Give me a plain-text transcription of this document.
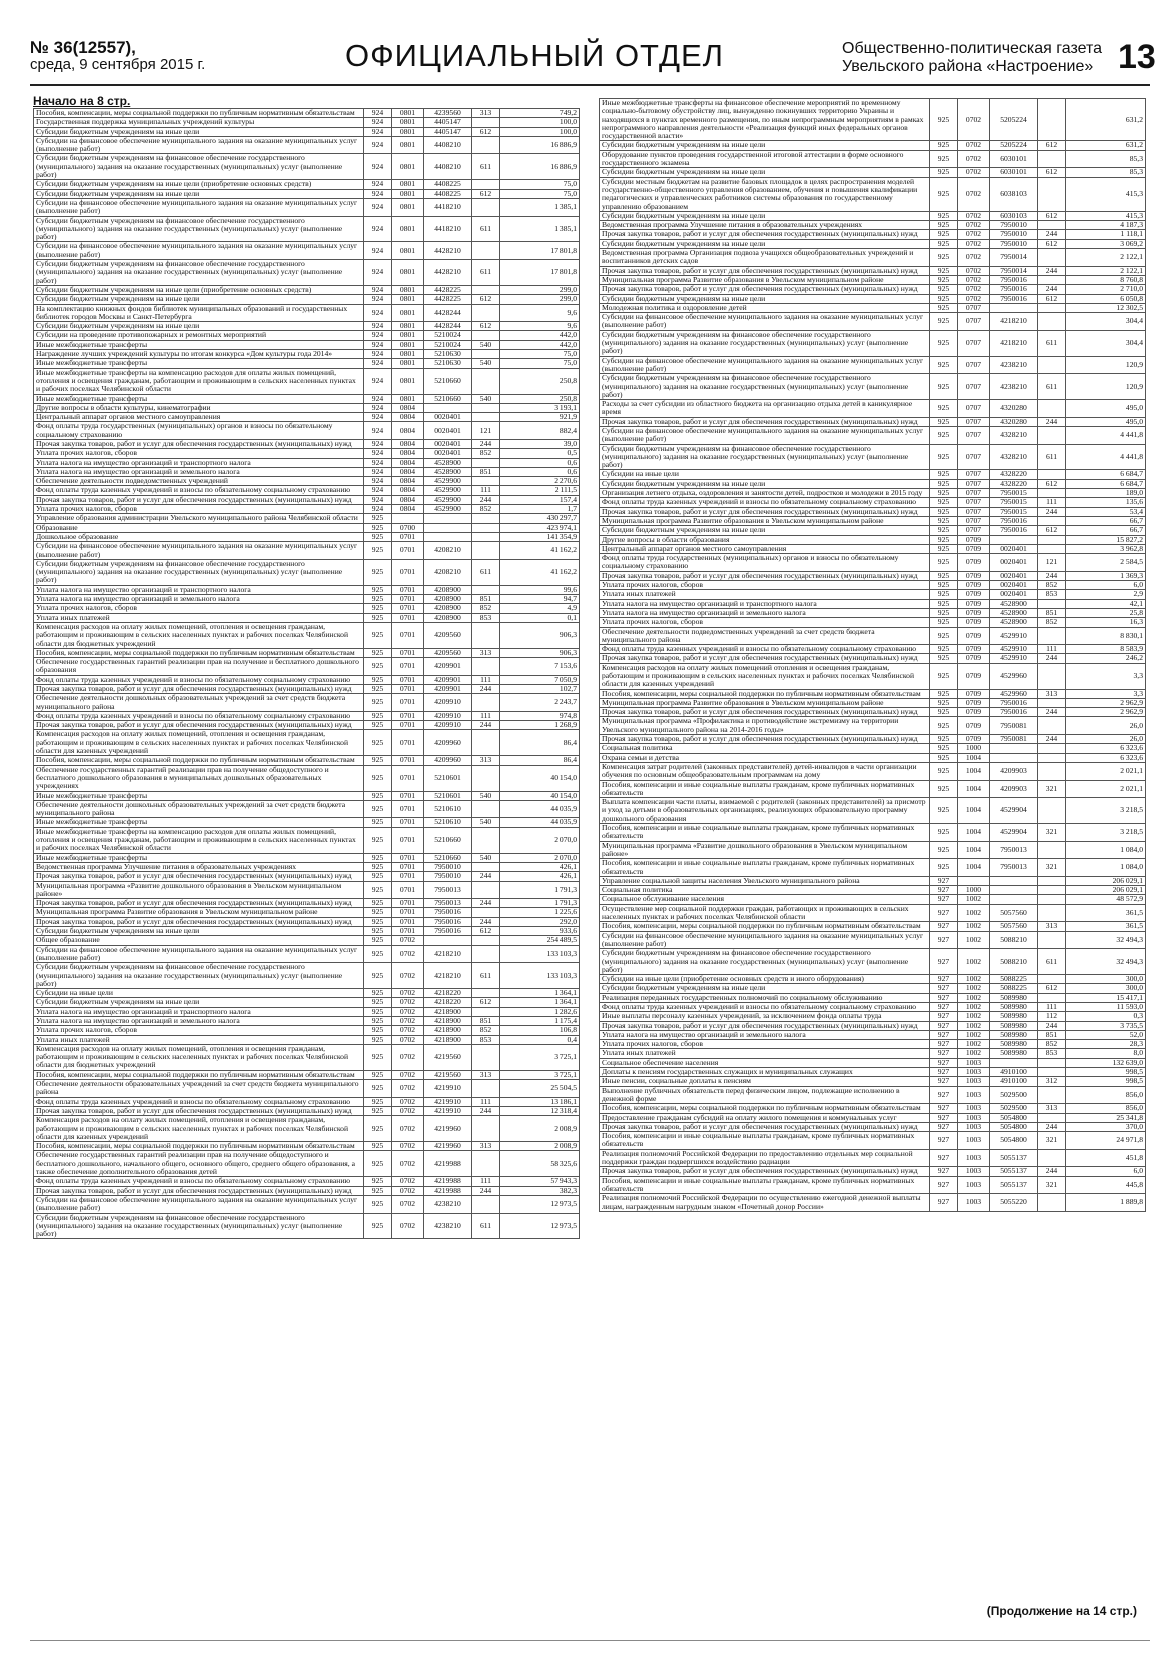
№ 36(12557),
среда, 9 сентября 2015 г.	ОФИЦИАЛЬНЫЙ ОТДЕЛ	Общественно-политическая газета
Увельского района «Настроение» 13
Начало на 8 стр.
Пособия, компенсации, меры социальной поддержки по публичным нормативным обязательствам	924	0801	4239560	313	749,2
Государственная поддержка муниципальных учреждений культуры	924	0801	4405147		100,0
Субсидии бюджетным учреждениям на иные цели	924	0801	4405147	612	100,0
Субсидии на финансовое обеспечение муниципального задания на оказание муниципальных услуг (выполнение работ)	924	0801	4408210		16 886,9
Субсидии бюджетным учреждениям на финансовое обеспечение государственного (муниципального) задания на оказание государственных (муниципальных) услуг (выполнение работ)	924	0801	4408210	611	16 886,9
Субсидии бюджетным учреждениям на иные цели (приобретение основных средств)	924	0801	4408225		75,0
Субсидии бюджетным учреждениям на иные цели	924	0801	4408225	612	75,0
Субсидии на финансовое обеспечение муниципального задания на оказание муниципальных услуг (выполнение работ)	924	0801	4418210		1 385,1
Субсидии бюджетным учреждениям на финансовое обеспечение государственного (муниципального) задания на оказание государственных (муниципальных) услуг (выполнение работ)	924	0801	4418210	611	1 385,1
Субсидии на финансовое обеспечение муниципального задания на оказание муниципальных услуг (выполнение работ)	924	0801	4428210		17 801,8
Субсидии бюджетным учреждениям на финансовое обеспечение государственного (муниципального) задания на оказание государственных (муниципальных) услуг (выполнение работ)	924	0801	4428210	611	17 801,8
Субсидии бюджетным учреждениям на иные цели (приобретение основных средств)	924	0801	4428225		299,0
Субсидии бюджетным учреждениям на иные цели	924	0801	4428225	612	299,0
На комплектацию книжных фондов библиотек муниципальных образований и государственных библиотек городов Москвы и Санкт-Петербурга	924	0801	4428244		9,6
Субсидии бюджетным учреждениям на иные цели	924	0801	4428244	612	9,6
Субсидии на проведение противопожарных и ремонтных мероприятий	924	0801	5210024		442,0
Иные межбюджетные трансферты	924	0801	5210024	540	442,0
Награждение лучших учреждений культуры по итогам конкурса «Дом культуры года 2014»	924	0801	5210630		75,0
Иные межбюджетные трансферты	924	0801	5210630	540	75,0
Иные межбюджетные трансферты на компенсацию расходов для оплаты жилых помещений, отопления и освещения гражданам, работающим и проживающим в сельских населенных пунктах и рабочих поселках Челябинской области	924	0801	5210660		250,8
Иные межбюджетные трансферты	924	0801	5210660	540	250,8
Другие вопросы в области культуры, кинематографии	924	0804			3 193,1
Центральный аппарат органов местного самоуправления	924	0804	0020401		921,9
Фонд оплаты труда государственных (муниципальных) органов и взносы по обязательному социальному страхованию	924	0804	0020401	121	882,4
Прочая закупка товаров, работ и услуг для обеспечения государственных (муниципальных) нужд	924	0804	0020401	244	39,0
Уплата прочих налогов, сборов	924	0804	0020401	852	0,5
Уплата налога на имущество организаций и транспортного налога	924	0804	4528900		0,6
Уплата налога на имущество организаций и земельного налога	924	0804	4528900	851	0,6
Обеспечение деятельности подведомственных учреждений	924	0804	4529900		2 270,6
Фонд оплаты труда казенных учреждений и взносы по обязательному социальному страхованию	924	0804	4529900	111	2 111,5
Прочая закупка товаров, работ и услуг для обеспечения государственных (муниципальных) нужд	924	0804	4529900	244	157,4
Уплата прочих налогов, сборов	924	0804	4529900	852	1,7
Управление образования администрации Увельского муниципального района Челябинской области	925				430 297,7
Образование	925	0700			423 974,1
Дошкольное образование	925	0701			141 354,9
Субсидии на финансовое обеспечение муниципального задания на оказание муниципальных услуг (выполнение работ)	925	0701	4208210		41 162,2
Субсидии бюджетным учреждениям на финансовое обеспечение государственного (муниципального) задания на оказание государственных (муниципальных) услуг (выполнение работ)	925	0701	4208210	611	41 162,2
Уплата налога на имущество организаций и транспортного налога	925	0701	4208900		99,6
Уплата налога на имущество организаций и земельного налога	925	0701	4208900	851	94,7
Уплата прочих налогов, сборов	925	0701	4208900	852	4,9
Уплата иных платежей	925	0701	4208900	853	0,1
Компенсация расходов на оплату жилых помещений, отопления и освещения гражданам, работающим и проживающим в сельских населенных пунктах и рабочих поселках Челябинской области для бюджетных учреждений	925	0701	4209560		906,3
Пособия, компенсации, меры социальной поддержки по публичным нормативным обязательствам	925	0701	4209560	313	906,3
Обеспечение государственных гарантий реализации прав на получение и бесплатного дошкольного образования	925	0701	4209901		7 153,6
Фонд оплаты труда казенных учреждений и взносы по обязательному социальному страхованию	925	0701	4209901	111	7 050,9
Прочая закупка товаров, работ и услуг для обеспечения государственных (муниципальных) нужд	925	0701	4209901	244	102,7
Обеспечение деятельности дошкольных образовательных учреждений за счет средств бюджета муниципального района	925	0701	4209910		2 243,7
Фонд оплаты труда казенных учреждений и взносы по обязательному социальному страхованию	925	0701	4209910	111	974,8
Прочая закупка товаров, работ и услуг для обеспечения государственных (муниципальных) нужд	925	0701	4209910	244	1 268,9
Компенсация расходов на оплату жилых помещений, отопления и освещения гражданам, работающим и проживающим в сельских населенных пунктах и рабочих поселках Челябинской области для казенных учреждений	925	0701	4209960		86,4
Пособия, компенсации, меры социальной поддержки по публичным нормативным обязательствам	925	0701	4209960	313	86,4
Обеспечение государственных гарантий реализации прав на получение общедоступного и бесплатного дошкольного образования в муниципальных дошкольных образовательных учреждениях	925	0701	5210601		40 154,0
Иные межбюджетные трансферты	925	0701	5210601	540	40 154,0
Обеспечение деятельности дошкольных образовательных учреждений за счет средств бюджета муниципального района	925	0701	5210610		44 035,9
Иные межбюджетные трансферты	925	0701	5210610	540	44 035,9
Иные межбюджетные трансферты на компенсацию расходов для оплаты жилых помещений, отопления и освещения гражданам, работающим и проживающим в сельских населенных пунктах и рабочих поселках Челябинской области	925	0701	5210660		2 070,0
Иные межбюджетные трансферты	925	0701	5210660	540	2 070,0
Ведомственная программа Улучшение питания в образовательных учреждениях	925	0701	7950010		426,1
Прочая закупка товаров, работ и услуг для обеспечения государственных (муниципальных) нужд	925	0701	7950010	244	426,1
Муниципальная программа «Развитие дошкольного образования в Увельском муниципальном районе»	925	0701	7950013		1 791,3
Прочая закупка товаров, работ и услуг для обеспечения государственных (муниципальных) нужд	925	0701	7950013	244	1 791,3
Муниципальная программа Развитие образования в Увельском муниципальном районе	925	0701	7950016		1 225,6
Прочая закупка товаров, работ и услуг для обеспечения государственных (муниципальных) нужд	925	0701	7950016	244	292,0
Субсидии бюджетным учреждениям на иные цели	925	0701	7950016	612	933,6
Общее образование	925	0702			254 489,5
Субсидии на финансовое обеспечение муниципального задания на оказание муниципальных услуг (выполнение работ)	925	0702	4218210		133 103,3
Субсидии бюджетным учреждениям на финансовое обеспечение государственного (муниципального) задания на оказание государственных (муниципальных) услуг (выполнение работ)	925	0702	4218210	611	133 103,3
Субсидии на иные цели	925	0702	4218220		1 364,1
Субсидии бюджетным учреждениям на иные цели	925	0702	4218220	612	1 364,1
Уплата налога на имущество организаций и транспортного налога	925	0702	4218900		1 282,6
Уплата налога на имущество организаций и земельного налога	925	0702	4218900	851	1 175,4
Уплата прочих налогов, сборов	925	0702	4218900	852	106,8
Уплата иных платежей	925	0702	4218900	853	0,4
Компенсация расходов на оплату жилых помещений, отопления и освещения гражданам, работающим и проживающим в сельских населенных пунктах и рабочих поселках Челябинской области для бюджетных учреждений	925	0702	4219560		3 725,1
Пособия, компенсации, меры социальной поддержки по публичным нормативным обязательствам	925	0702	4219560	313	3 725,1
Обеспечение деятельности образовательных учреждений за счет средств бюджета муниципального района	925	0702	4219910		25 504,5
Фонд оплаты труда казенных учреждений и взносы по обязательному социальному страхованию	925	0702	4219910	111	13 186,1
Прочая закупка товаров, работ и услуг для обеспечения государственных (муниципальных) нужд	925	0702	4219910	244	12 318,4
Компенсация расходов на оплату жилых помещений, отопления и освещения гражданам, работающим и проживающим в сельских населенных пунктах и рабочих поселках Челябинской области для казенных учреждений	925	0702	4219960		2 008,9
Пособия, компенсации, меры социальной поддержки по публичным нормативным обязательствам	925	0702	4219960	313	2 008,9
Обеспечение государственных гарантий реализации прав на получение общедоступного и бесплатного дошкольного, начального общего, основного общего, среднего общего образования, а также обеспечение дополнительного образования детей	925	0702	4219988		58 325,6
Фонд оплаты труда казенных учреждений и взносы по обязательному социальному страхованию	925	0702	4219988	111	57 943,3
Прочая закупка товаров, работ и услуг для обеспечения государственных (муниципальных) нужд	925	0702	4219988	244	382,3
Субсидии на финансовое обеспечение муниципального задания на оказание муниципальных услуг (выполнение работ)	925	0702	4238210		12 973,5
Субсидии бюджетным учреждениям на финансовое обеспечение государственного (муниципального) задания на оказание государственных (муниципальных) услуг (выполнение работ)	925	0702	4238210	611	12 973,5
Иные межбюджетные трансферты на финансовое обеспечение мероприятий по временному социально-бытовому обустройству лиц, вынужденно покинувших территорию Украины и находящихся в пунктах временного размещения, по иным непрограммным мероприятиям в рамках непрограммного направления деятельности «Реализация функций иных федеральных органов государственной власти»	925	0702	5205224		631,2
Субсидии бюджетным учреждениям на иные цели	925	0702	5205224	612	631,2
Оборудование пунктов проведения государственной итоговой аттестации в форме основного государственного экзамена	925	0702	6030101		85,3
Субсидии бюджетным учреждениям на иные цели	925	0702	6030101	612	85,3
Субсидии местным бюджетам на развитие базовых площадок в целях распространения моделей государственно-общественного управления образованием, обучения и повышения квалификации педагогических и управленческих работников системы образования по государственному управлению образованием	925	0702	6038103		415,3
Субсидии бюджетным учреждениям на иные цели	925	0702	6030103	612	415,3
Ведомственная программа Улучшение питания в образовательных учреждениях	925	0702	7950010		4 187,3
Прочая закупка товаров, работ и услуг для обеспечения государственных (муниципальных) нужд	925	0702	7950010	244	1 118,1
Субсидии бюджетным учреждениям на иные цели	925	0702	7950010	612	3 069,2
Ведомственная программа Организация подвоза учащихся общеобразовательных учреждений и воспитанников детских садов	925	0702	7950014		2 122,1
Прочая закупка товаров, работ и услуг для обеспечения государственных (муниципальных) нужд	925	0702	7950014	244	2 122,1
Муниципальная программа Развитие образования в Увельском муниципальном районе	925	0702	7950016		8 760,8
Прочая закупка товаров, работ и услуг для обеспечения государственных (муниципальных) нужд	925	0702	7950016	244	2 710,0
Субсидии бюджетным учреждениям на иные цели	925	0702	7950016	612	6 050,8
Молодежная политика и оздоровление детей	925	0707			12 302,5
Субсидии на финансовое обеспечение муниципального задания на оказание муниципальных услуг (выполнение работ)	925	0707	4218210		304,4
Субсидии бюджетным учреждениям на финансовое обеспечение государственного (муниципального) задания на оказание государственных (муниципальных) услуг (выполнение работ)	925	0707	4218210	611	304,4
Субсидии на финансовое обеспечение муниципального задания на оказание муниципальных услуг (выполнение работ)	925	0707	4238210		120,9
Субсидии бюджетным учреждениям на финансовое обеспечение государственного (муниципального) задания на оказание государственных (муниципальных) услуг (выполнение работ)	925	0707	4238210	611	120,9
Расходы за счет субсидии из областного бюджета на организацию отдыха детей в каникулярное время	925	0707	4320280		495,0
Прочая закупка товаров, работ и услуг для обеспечения государственных (муниципальных) нужд	925	0707	4320280	244	495,0
Субсидии на финансовое обеспечение муниципального задания на оказание муниципальных услуг (выполнение работ)	925	0707	4328210		4 441,8
Субсидии бюджетным учреждениям на финансовое обеспечение государственного (муниципального) задания на оказание государственных (муниципальных) услуг (выполнение работ)	925	0707	4328210	611	4 441,8
Субсидии на иные цели	925	0707	4328220		6 684,7
Субсидии бюджетным учреждениям на иные цели	925	0707	4328220	612	6 684,7
Организация летнего отдыха, оздоровления и занятости детей, подростков и молодежи в 2015 году	925	0707	7950015		189,0
Фонд оплаты труда казенных учреждений и взносы по обязательному социальному страхованию	925	0707	7950015	111	135,6
Прочая закупка товаров, работ и услуг для обеспечения государственных (муниципальных) нужд	925	0707	7950015	244	53,4
Муниципальная программа Развитие образования в Увельском муниципальном районе	925	0707	7950016		66,7
Субсидии бюджетным учреждениям на иные цели	925	0707	7950016	612	66,7
Другие вопросы в области образования	925	0709			15 827,2
Центральный аппарат органов местного самоуправления	925	0709	0020401		3 962,8
Фонд оплаты труда государственных (муниципальных) органов и взносы по обязательному социальному страхованию	925	0709	0020401	121	2 584,5
Прочая закупка товаров, работ и услуг для обеспечения государственных (муниципальных) нужд	925	0709	0020401	244	1 369,3
Уплата прочих налогов, сборов	925	0709	0020401	852	6,0
Уплата иных платежей	925	0709	0020401	853	2,9
Уплата налога на имущество организаций и транспортного налога	925	0709	4528900		42,1
Уплата налога на имущество организаций и земельного налога	925	0709	4528900	851	25,8
Уплата прочих налогов, сборов	925	0709	4528900	852	16,3
Обеспечение деятельности подведомственных учреждений за счет средств бюджета муниципального района	925	0709	4529910		8 830,1
Фонд оплаты труда казенных учреждений и взносы по обязательному социальному страхованию	925	0709	4529910	111	8 583,9
Прочая закупка товаров, работ и услуг для обеспечения государственных (муниципальных) нужд	925	0709	4529910	244	246,2
Компенсация расходов на оплату жилых помещений отопления и освещения гражданам, работающим и проживающим в сельских населенных пунктах и рабочих поселках Челябинской области для казенных учреждений	925	0709	4529960		3,3
Пособия, компенсации, меры социальной поддержки по публичным нормативным обязательствам	925	0709	4529960	313	3,3
Муниципальная программа Развитие образования в Увельском муниципальном районе	925	0709	7950016		2 962,9
Прочая закупка товаров, работ и услуг для обеспечения государственных (муниципальных) нужд	925	0709	7950016	244	2 962,9
Муниципальная программа «Профилактика и противодействие экстремизму на территории Увельского муниципального района на 2014-2016 годы»	925	0709	7950081		26,0
Прочая закупка товаров, работ и услуг для обеспечения государственных (муниципальных) нужд	925	0709	7950081	244	26,0
Социальная политика	925	1000			6 323,6
Охрана семьи и детства	925	1004			6 323,6
Компенсация затрат родителей (законных представителей) детей-инвалидов в части организации обучения по основным общеобразовательным программам на дому	925	1004	4209903		2 021,1
Пособия, компенсации и иные социальные выплаты гражданам, кроме публичных нормативных обязательств	925	1004	4209903	321	2 021,1
Выплата компенсации части платы, взимаемой с родителей (законных представителей) за присмотр и уход за детьми в образовательных организациях, реализующих образовательную программу дошкольного образования	925	1004	4529904		3 218,5
Пособия, компенсации и иные социальные выплаты гражданам, кроме публичных нормативных обязательств	925	1004	4529904	321	3 218,5
Муниципальная программа «Развитие дошкольного образования в Увельском муниципальном районе»	925	1004	7950013		1 084,0
Пособия, компенсации и иные социальные выплаты гражданам, кроме публичных нормативных обязательств	925	1004	7950013	321	1 084,0
Управление социальной защиты населения Увельского муниципального района	927				206 029,1
Социальная политика	927	1000			206 029,1
Социальное обслуживание населения	927	1002			48 572,9
Осуществление мер социальной поддержки граждан, работающих и проживающих в сельских населенных пунктах и рабочих поселках Челябинской области	927	1002	5057560		361,5
Пособия, компенсации, меры социальной поддержки по публичным нормативным обязательствам	927	1002	5057560	313	361,5
Субсидии на финансовое обеспечение муниципального задания на оказание муниципальных услуг (выполнение работ)	927	1002	5088210		32 494,3
Субсидии бюджетным учреждениям на финансовое обеспечение государственного (муниципального) задания на оказание государственных (муниципальных) услуг (выполнение работ)	927	1002	5088210	611	32 494,3
Субсидии на иные цели (приобретение основных средств и иного оборудования)	927	1002	5088225		300,0
Субсидии бюджетным учреждениям на иные цели	927	1002	5088225	612	300,0
Реализация переданных государственных полномочий по социальному обслуживанию	927	1002	5089980		15 417,1
Фонд оплаты труда казенных учреждений и взносы по обязательному социальному страхованию	927	1002	5089980	111	11 593,0
Иные выплаты персоналу казенных учреждений, за исключением фонда оплаты труда	927	1002	5089980	112	0,3
Прочая закупка товаров, работ и услуг для обеспечения государственных (муниципальных) нужд	927	1002	5089980	244	3 735,5
Уплата налога на имущество организаций и земельного налога	927	1002	5089980	851	52,0
Уплата прочих налогов, сборов	927	1002	5089980	852	28,3
Уплата иных платежей	927	1002	5089980	853	8,0
Социальное обеспечение населения	927	1003			132 639,0
Доплаты к пенсиям государственных служащих и муниципальных служащих	927	1003	4910100		998,5
Иные пенсии, социальные доплаты к пенсиям	927	1003	4910100	312	998,5
Выполнение публичных обязательств перед физическим лицом, подлежащие исполнению в денежной форме	927	1003	5029500		856,0
Пособия, компенсации, меры социальной поддержки по публичным нормативным обязательствам	927	1003	5029500	313	856,0
Предоставление гражданам субсидий на оплату жилого помещения и коммунальных услуг	927	1003	5054800		25 341,8
Прочая закупка товаров, работ и услуг для обеспечения государственных (муниципальных) нужд	927	1003	5054800	244	370,0
Пособия, компенсации и иные социальные выплаты гражданам, кроме публичных нормативных обязательств	927	1003	5054800	321	24 971,8
Реализация полномочий Российской Федерации по предоставлению отдельных мер социальной поддержки граждан подвергшихся воздействию радиации	927	1003	5055137		451,8
Прочая закупка товаров, работ и услуг для обеспечения государственных (муниципальных) нужд	927	1003	5055137	244	6,0
Пособия, компенсации и иные социальные выплаты гражданам, кроме публичных нормативных обязательств	927	1003	5055137	321	445,8
Реализация полномочий Российской Федерации по осуществлению ежегодной денежной выплаты лицам, награжденным нагрудным знаком «Почетный донор России»	927	1003	5055220		1 889,8
(Продолжение на 14 стр.)
